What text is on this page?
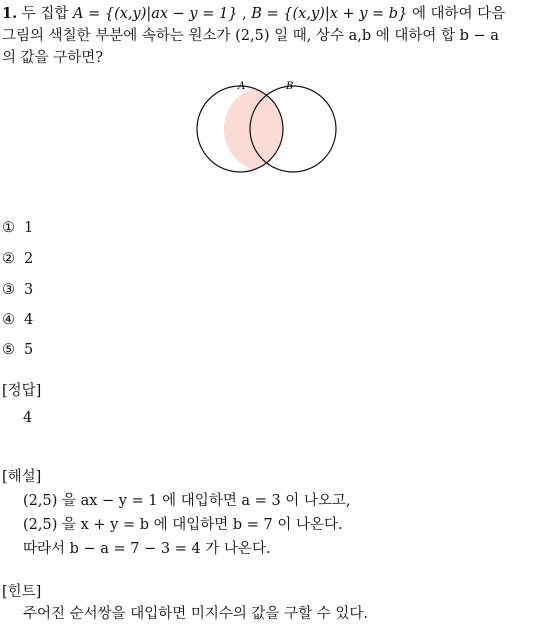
1. 두 집합 A = {(x,y)|ax − y = 1} , B = {(x,y)|x + y = b} 에 대하여 다음
그림의 색칠한 부분에 속하는 원소가 (2,5) 일 때, 상수 a,b 에 대하여 합 b − a
의 값을 구하면?
A	B
① 1
② 2
③ 3
④ 4
⑤ 5
[정답]
4
[해설]
(2,5) 을 ax − y = 1 에 대입하면 a = 3 이 나오고,
(2,5) 을 x + y = b 에 대입하면 b = 7 이 나온다.
따라서 b − a = 7 − 3 = 4 가 나온다.
[힌트]
주어진 순서쌍을 대입하면 미지수의 값을 구할 수 있다.
